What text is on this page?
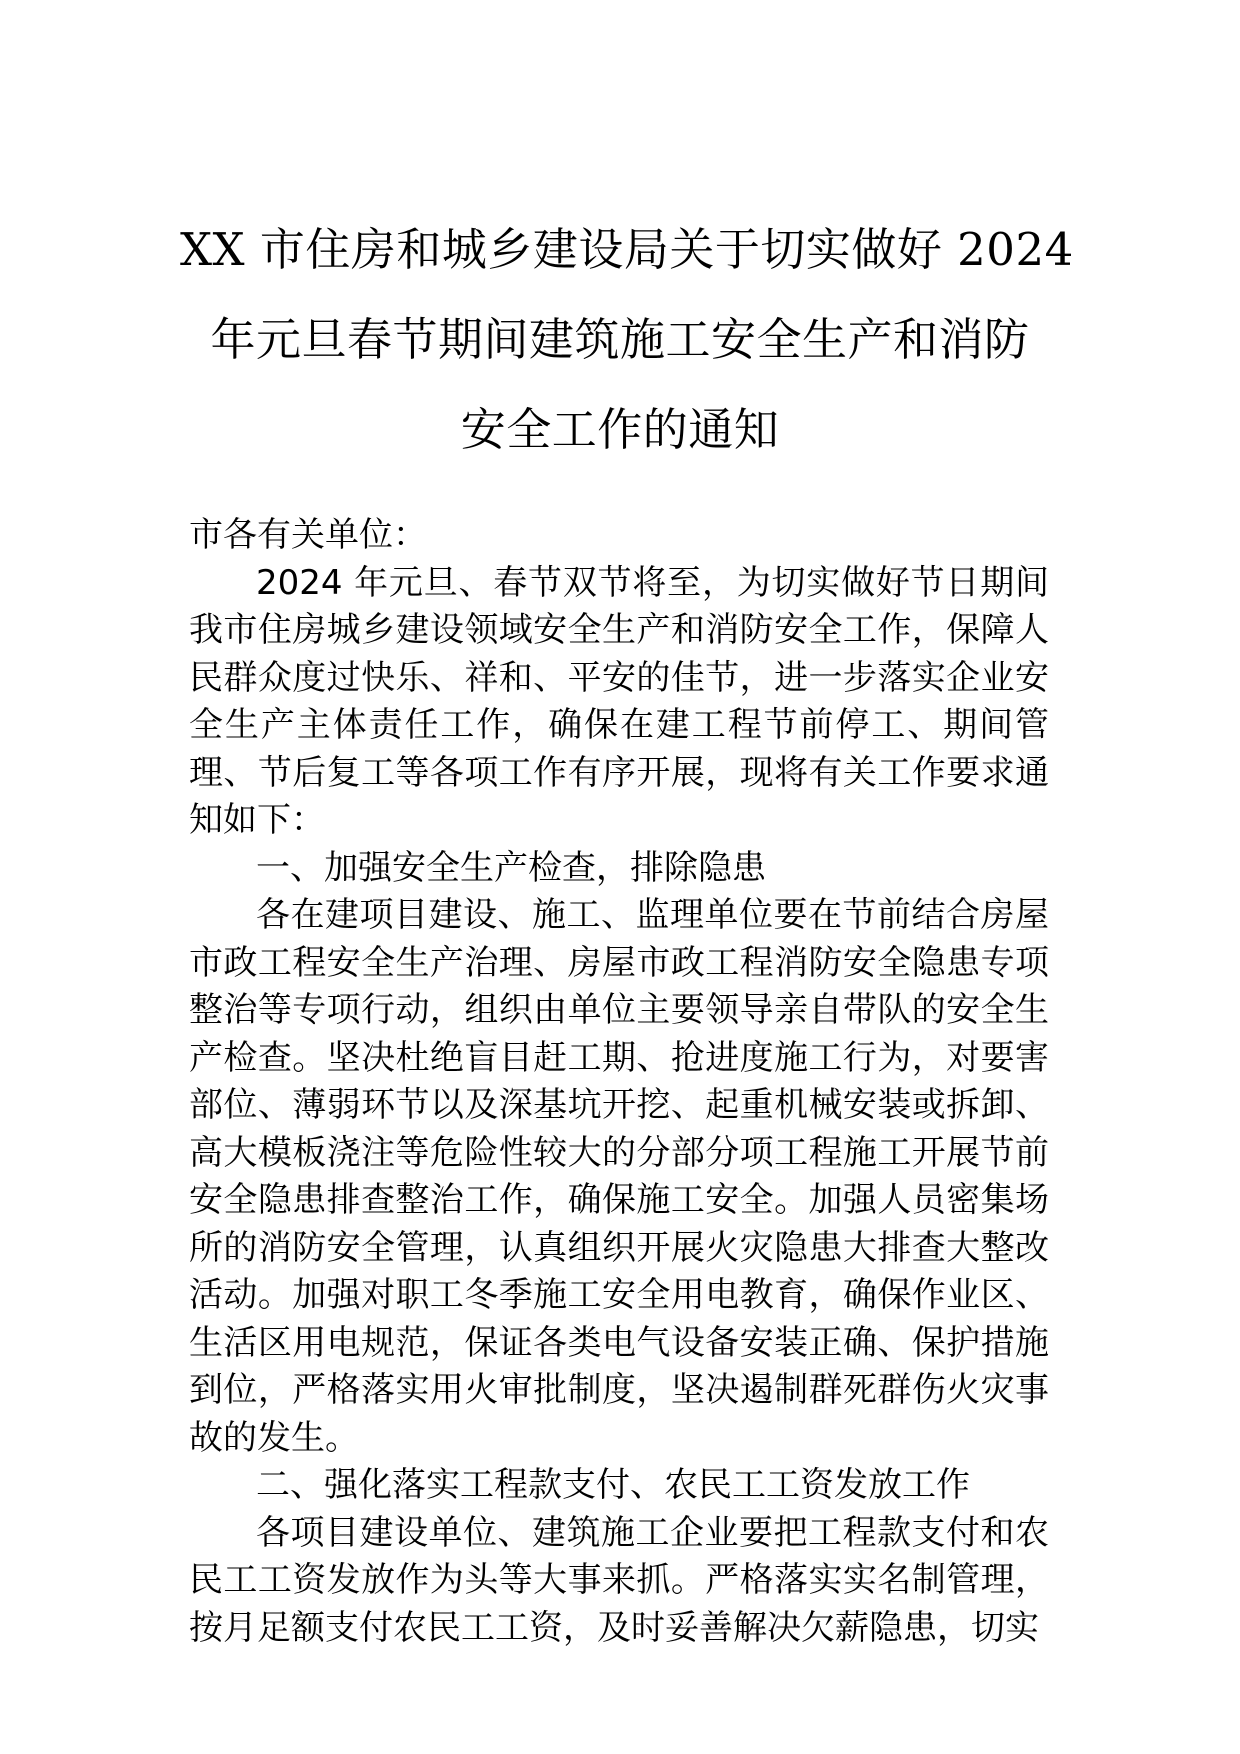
XX 市住房和城乡建设局关于切实做好 2024
年元旦春节期间建筑施工安全生产和消防
安全工作的通知

市各有关单位：

2024 年元旦、春节双节将至，为切实做好节日期间我市住房城乡建设领域安全生产和消防安全工作，保障人民群众度过快乐、祥和、平安的佳节，进一步落实企业安全生产主体责任工作，确保在建工程节前停工、期间管理、节后复工等各项工作有序开展，现将有关工作要求通知如下：

一、加强安全生产检查，排除隐患

各在建项目建设、施工、监理单位要在节前结合房屋市政工程安全生产治理、房屋市政工程消防安全隐患专项整治等专项行动，组织由单位主要领导亲自带队的安全生产检查。坚决杜绝盲目赶工期、抢进度施工行为，对要害部位、薄弱环节以及深基坑开挖、起重机械安装或拆卸、高大模板浇注等危险性较大的分部分项工程施工开展节前安全隐患排查整治工作，确保施工安全。加强人员密集场所的消防安全管理，认真组织开展火灾隐患大排查大整改活动。加强对职工冬季施工安全用电教育，确保作业区、生活区用电规范，保证各类电气设备安装正确、保护措施到位，严格落实用火审批制度，坚决遏制群死群伤火灾事故的发生。

二、强化落实工程款支付、农民工工资发放工作

各项目建设单位、建筑施工企业要把工程款支付和农民工工资发放作为头等大事来抓。严格落实实名制管理，按月足额支付农民工工资，及时妥善解决欠薪隐患，切实
